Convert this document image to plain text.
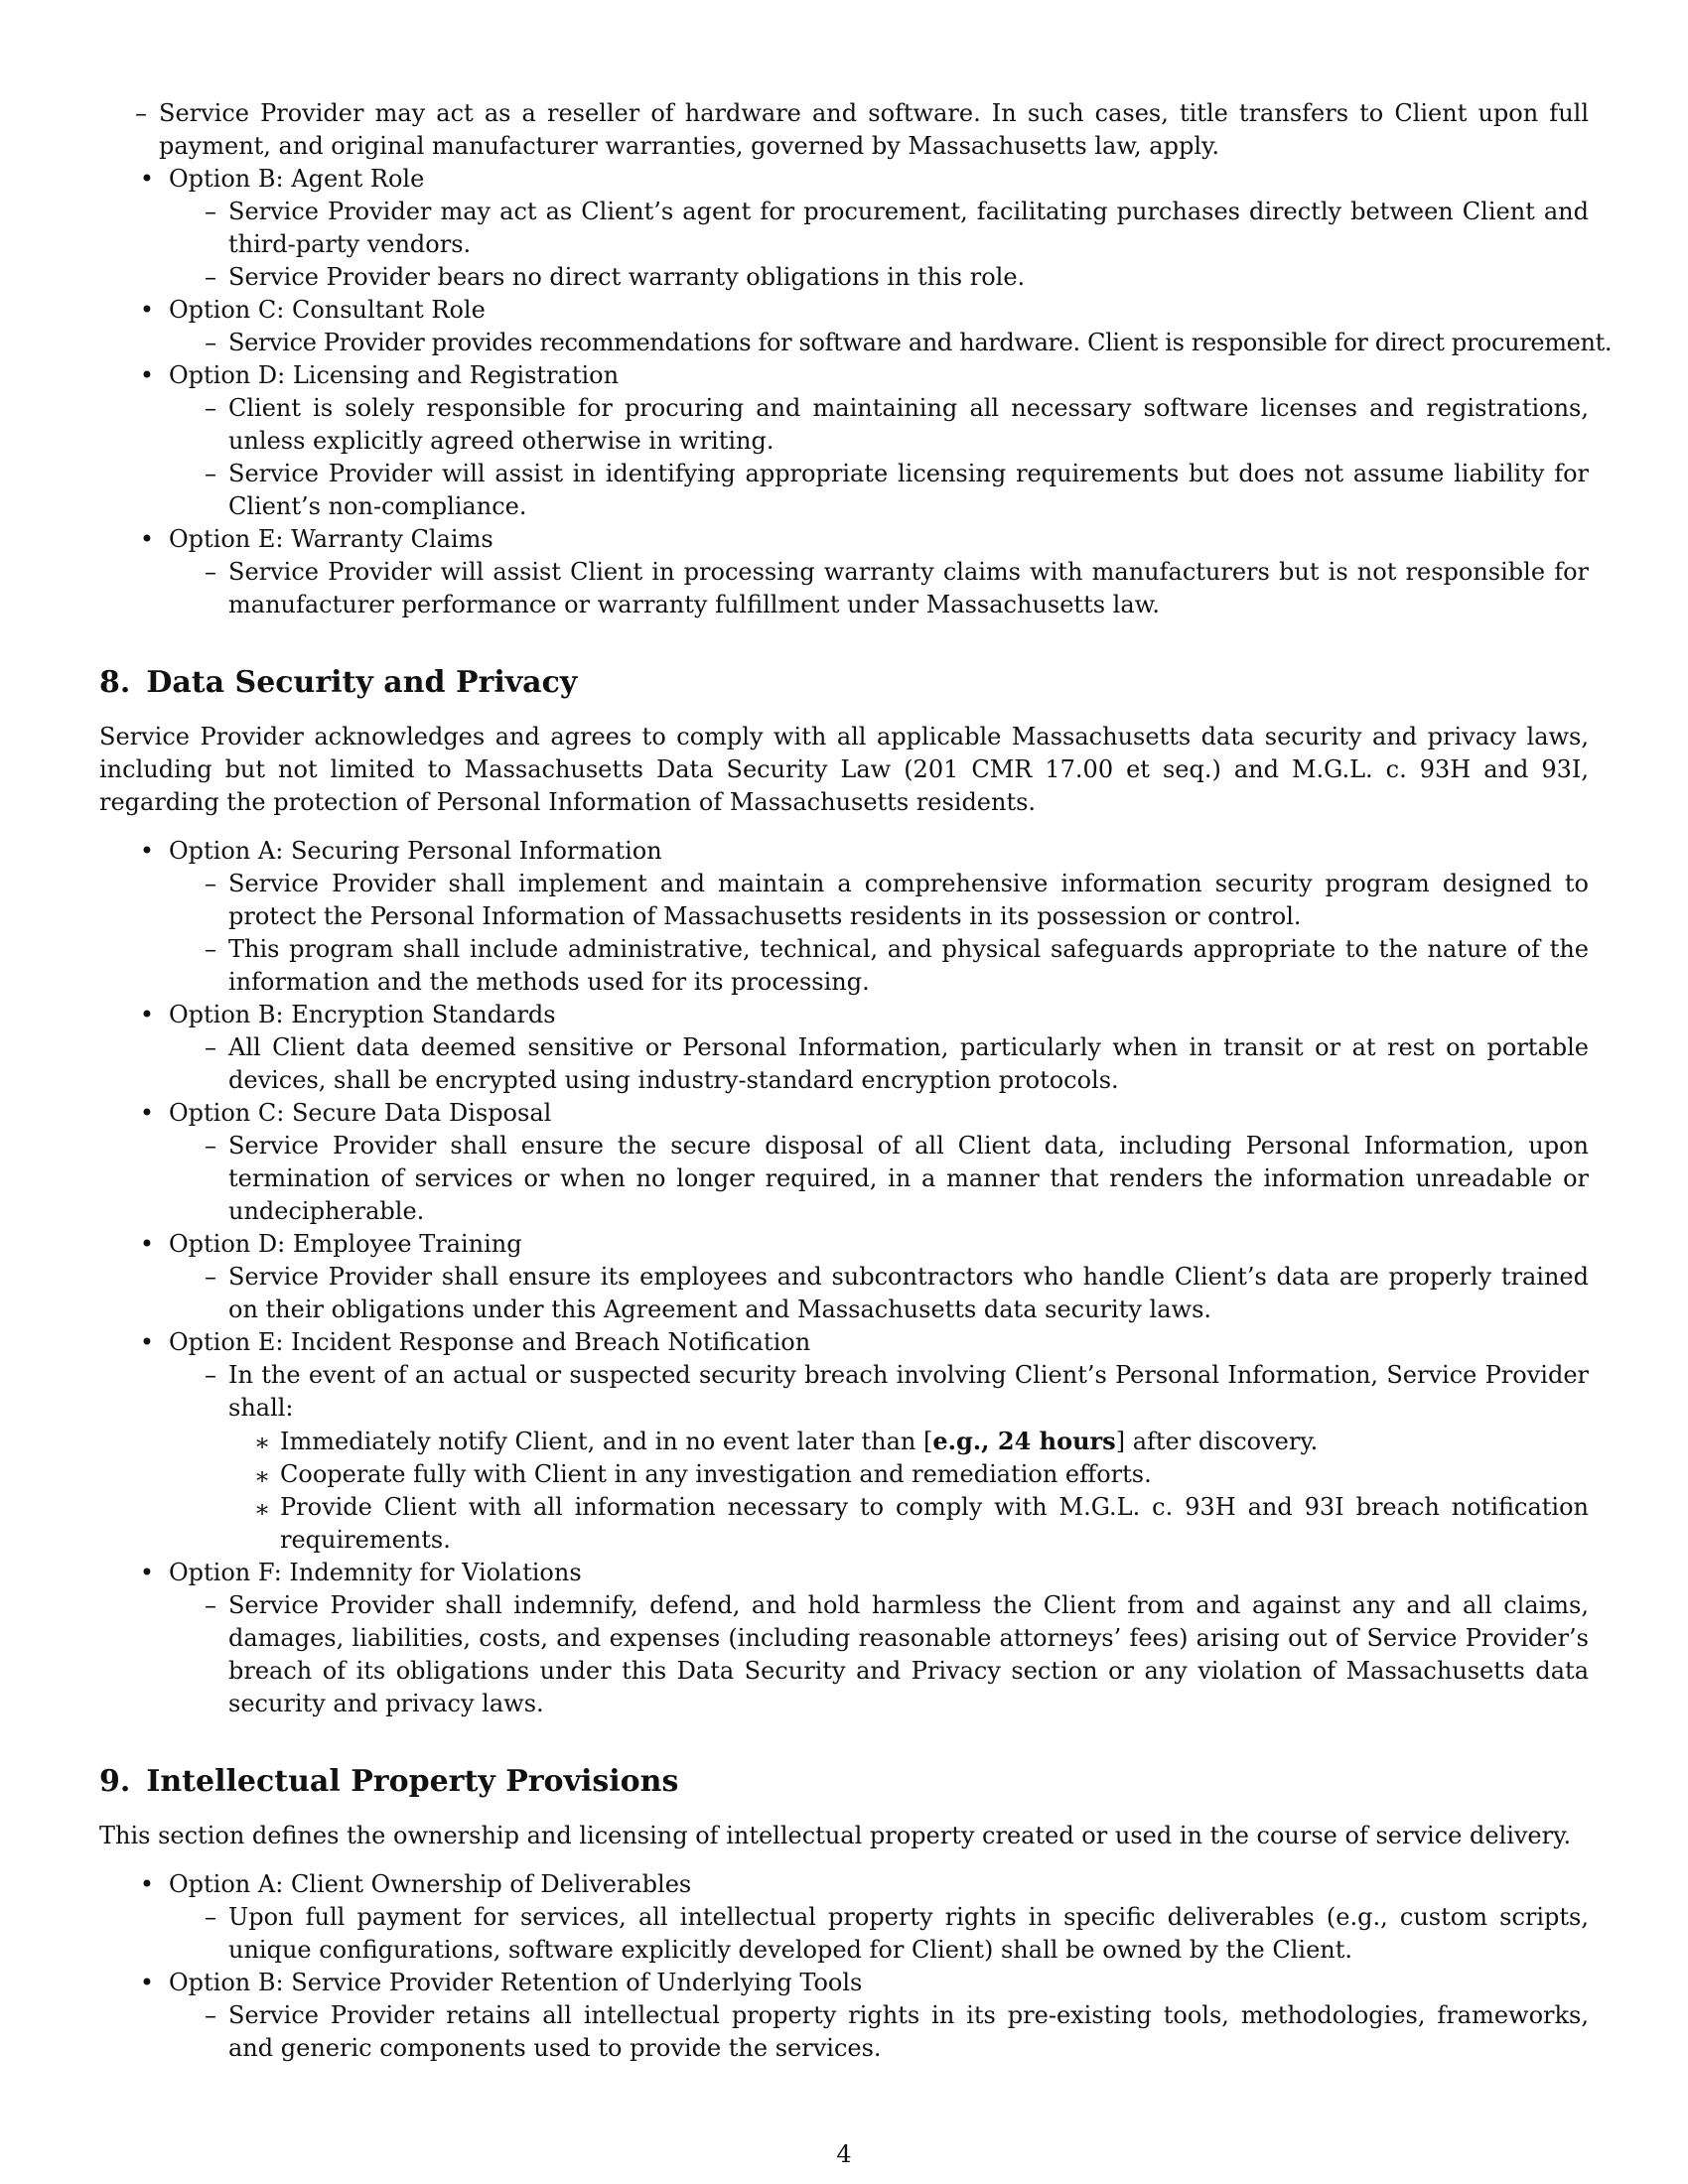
– Service Provider may act as a reseller of hardware and software. In such cases, title transfers to Client upon full payment, and original manufacturer warranties, governed by Massachusetts law, apply.
• Option B: Agent Role
– Service Provider may act as Client’s agent for procurement, facilitating purchases directly between Client and third-party vendors.
– Service Provider bears no direct warranty obligations in this role.
• Option C: Consultant Role
– Service Provider provides recommendations for software and hardware. Client is responsible for direct procurement.
• Option D: Licensing and Registration
– Client is solely responsible for procuring and maintaining all necessary software licenses and registrations, unless explicitly agreed otherwise in writing.
– Service Provider will assist in identifying appropriate licensing requirements but does not assume liability for Client’s non-compliance.
• Option E: Warranty Claims
– Service Provider will assist Client in processing warranty claims with manufacturers but is not responsible for manufacturer performance or warranty fulfillment under Massachusetts law.
8. Data Security and Privacy

Service Provider acknowledges and agrees to comply with all applicable Massachusetts data security and privacy laws, including but not limited to Massachusetts Data Security Law (201 CMR 17.00 et seq.) and M.G.L. c. 93H and 93I, regarding the protection of Personal Information of Massachusetts residents.

• Option A: Securing Personal Information
– Service Provider shall implement and maintain a comprehensive information security program designed to protect the Personal Information of Massachusetts residents in its possession or control.
– This program shall include administrative, technical, and physical safeguards appropriate to the nature of the information and the methods used for its processing.
• Option B: Encryption Standards
– All Client data deemed sensitive or Personal Information, particularly when in transit or at rest on portable devices, shall be encrypted using industry-standard encryption protocols.
• Option C: Secure Data Disposal
– Service Provider shall ensure the secure disposal of all Client data, including Personal Information, upon termination of services or when no longer required, in a manner that renders the information unreadable or undecipherable.
• Option D: Employee Training
– Service Provider shall ensure its employees and subcontractors who handle Client’s data are properly trained on their obligations under this Agreement and Massachusetts data security laws.
• Option E: Incident Response and Breach Notification
– In the event of an actual or suspected security breach involving Client’s Personal Information, Service Provider shall:
∗ Immediately notify Client, and in no event later than [e.g., 24 hours] after discovery.
∗ Cooperate fully with Client in any investigation and remediation efforts.
∗ Provide Client with all information necessary to comply with M.G.L. c. 93H and 93I breach notification requirements.
• Option F: Indemnity for Violations
– Service Provider shall indemnify, defend, and hold harmless the Client from and against any and all claims, damages, liabilities, costs, and expenses (including reasonable attorneys’ fees) arising out of Service Provider’s breach of its obligations under this Data Security and Privacy section or any violation of Massachusetts data security and privacy laws.
9. Intellectual Property Provisions

This section defines the ownership and licensing of intellectual property created or used in the course of service delivery.

• Option A: Client Ownership of Deliverables
– Upon full payment for services, all intellectual property rights in specific deliverables (e.g., custom scripts, unique configurations, software explicitly developed for Client) shall be owned by the Client.
• Option B: Service Provider Retention of Underlying Tools
– Service Provider retains all intellectual property rights in its pre-existing tools, methodologies, frameworks, and generic components used to provide the services.
4
